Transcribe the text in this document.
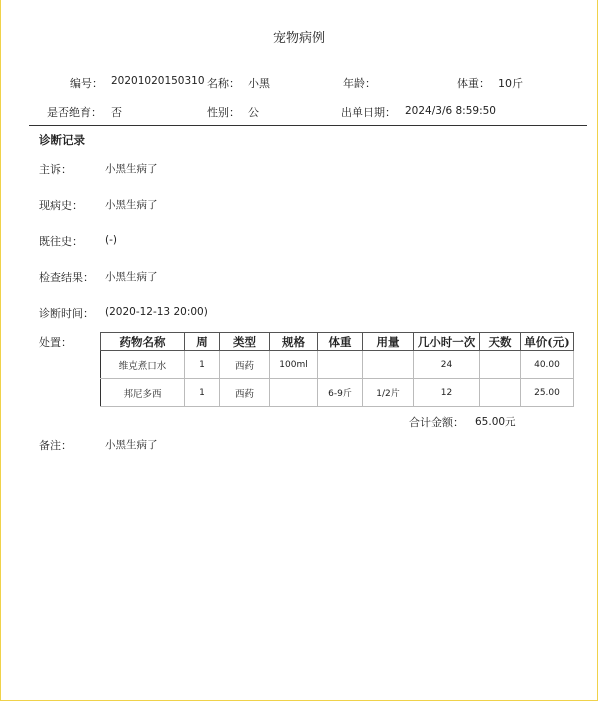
宠物病例
编号： 20201020150310 名称： 小黑	年龄：	体重： 10斤
是否绝育： 否	性别： 公	出单日期： 2024/3/6 8:59:50
诊断记录
主诉：	小黑生病了
现病史： 小黑生病了
既往史： (-)
检查结果： 小黑生病了
诊断时间： (2020-12-13 20:00)
处置：	药物名称	周	类型	规格	体重	用量	几小时一次	天数	单价(元)
维克煮口水	1	西药	100ml			24		40.00
邦尼多西	1	西药		6-9斤	1/2片	12		25.00
合计金额： 65.00元
备注：	小黑生病了
